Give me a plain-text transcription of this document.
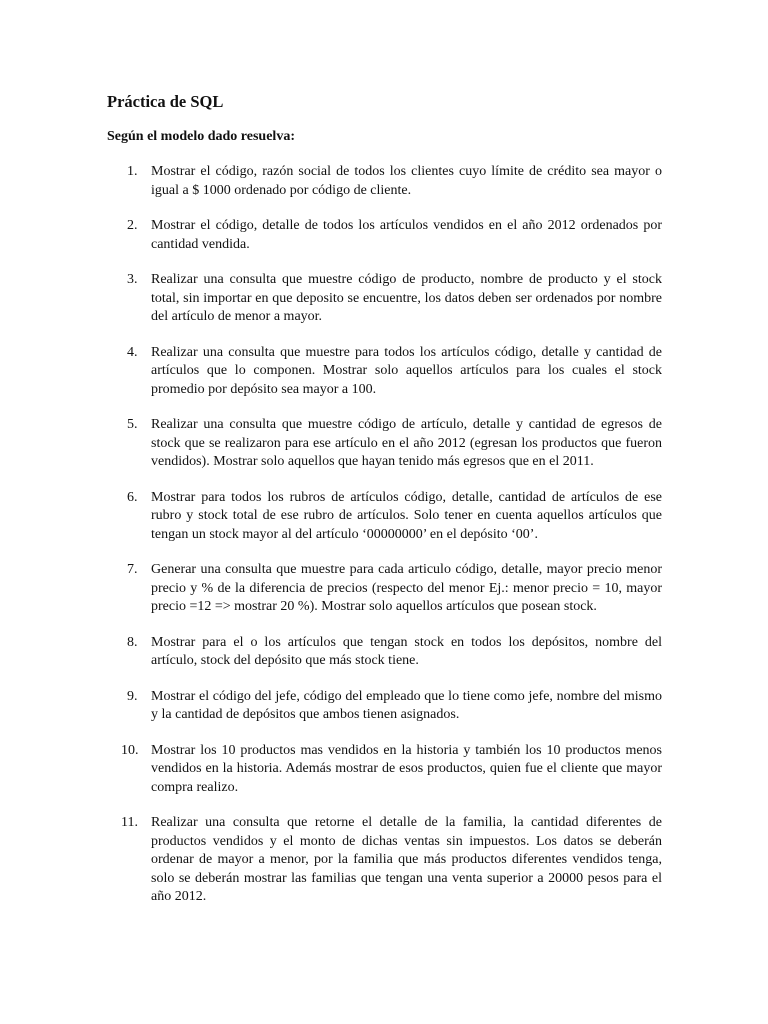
Práctica de SQL
Según el modelo dado resuelva:
1. Mostrar el código, razón social de todos los clientes cuyo límite de crédito sea mayor o igual a $ 1000 ordenado por código de cliente.
2. Mostrar el código, detalle de todos los artículos vendidos en el año 2012 ordenados por cantidad vendida.
3. Realizar una consulta que muestre código de producto, nombre de producto y el stock total, sin importar en que deposito se encuentre, los datos deben ser ordenados por nombre del artículo de menor a mayor.
4. Realizar una consulta que muestre para todos los artículos código, detalle y cantidad de artículos que lo componen. Mostrar solo aquellos artículos para los cuales el stock promedio por depósito sea mayor a 100.
5. Realizar una consulta que muestre código de artículo, detalle y cantidad de egresos de stock que se realizaron para ese artículo en el año 2012 (egresan los productos que fueron vendidos). Mostrar solo aquellos que hayan tenido más egresos que en el 2011.
6. Mostrar para todos los rubros de artículos código, detalle, cantidad de artículos de ese rubro y stock total de ese rubro de artículos. Solo tener en cuenta aquellos artículos que tengan un stock mayor al del artículo ‘00000000’ en el depósito ‘00’.
7. Generar una consulta que muestre para cada articulo código, detalle, mayor precio menor precio y % de la diferencia de precios (respecto del menor Ej.: menor precio = 10, mayor precio =12 => mostrar 20 %). Mostrar solo aquellos artículos que posean stock.
8. Mostrar para el o los artículos que tengan stock en todos los depósitos, nombre del artículo, stock del depósito que más stock tiene.
9. Mostrar el código del jefe, código del empleado que lo tiene como jefe, nombre del mismo y la cantidad de depósitos que ambos tienen asignados.
10. Mostrar los 10 productos mas vendidos en la historia y también los 10 productos menos vendidos en la historia. Además mostrar de esos productos, quien fue el cliente que mayor compra realizo.
11. Realizar una consulta que retorne el detalle de la familia, la cantidad diferentes de productos vendidos y el monto de dichas ventas sin impuestos. Los datos se deberán ordenar de mayor a menor, por la familia que más productos diferentes vendidos tenga, solo se deberán mostrar las familias que tengan una venta superior a 20000 pesos para el año 2012.
